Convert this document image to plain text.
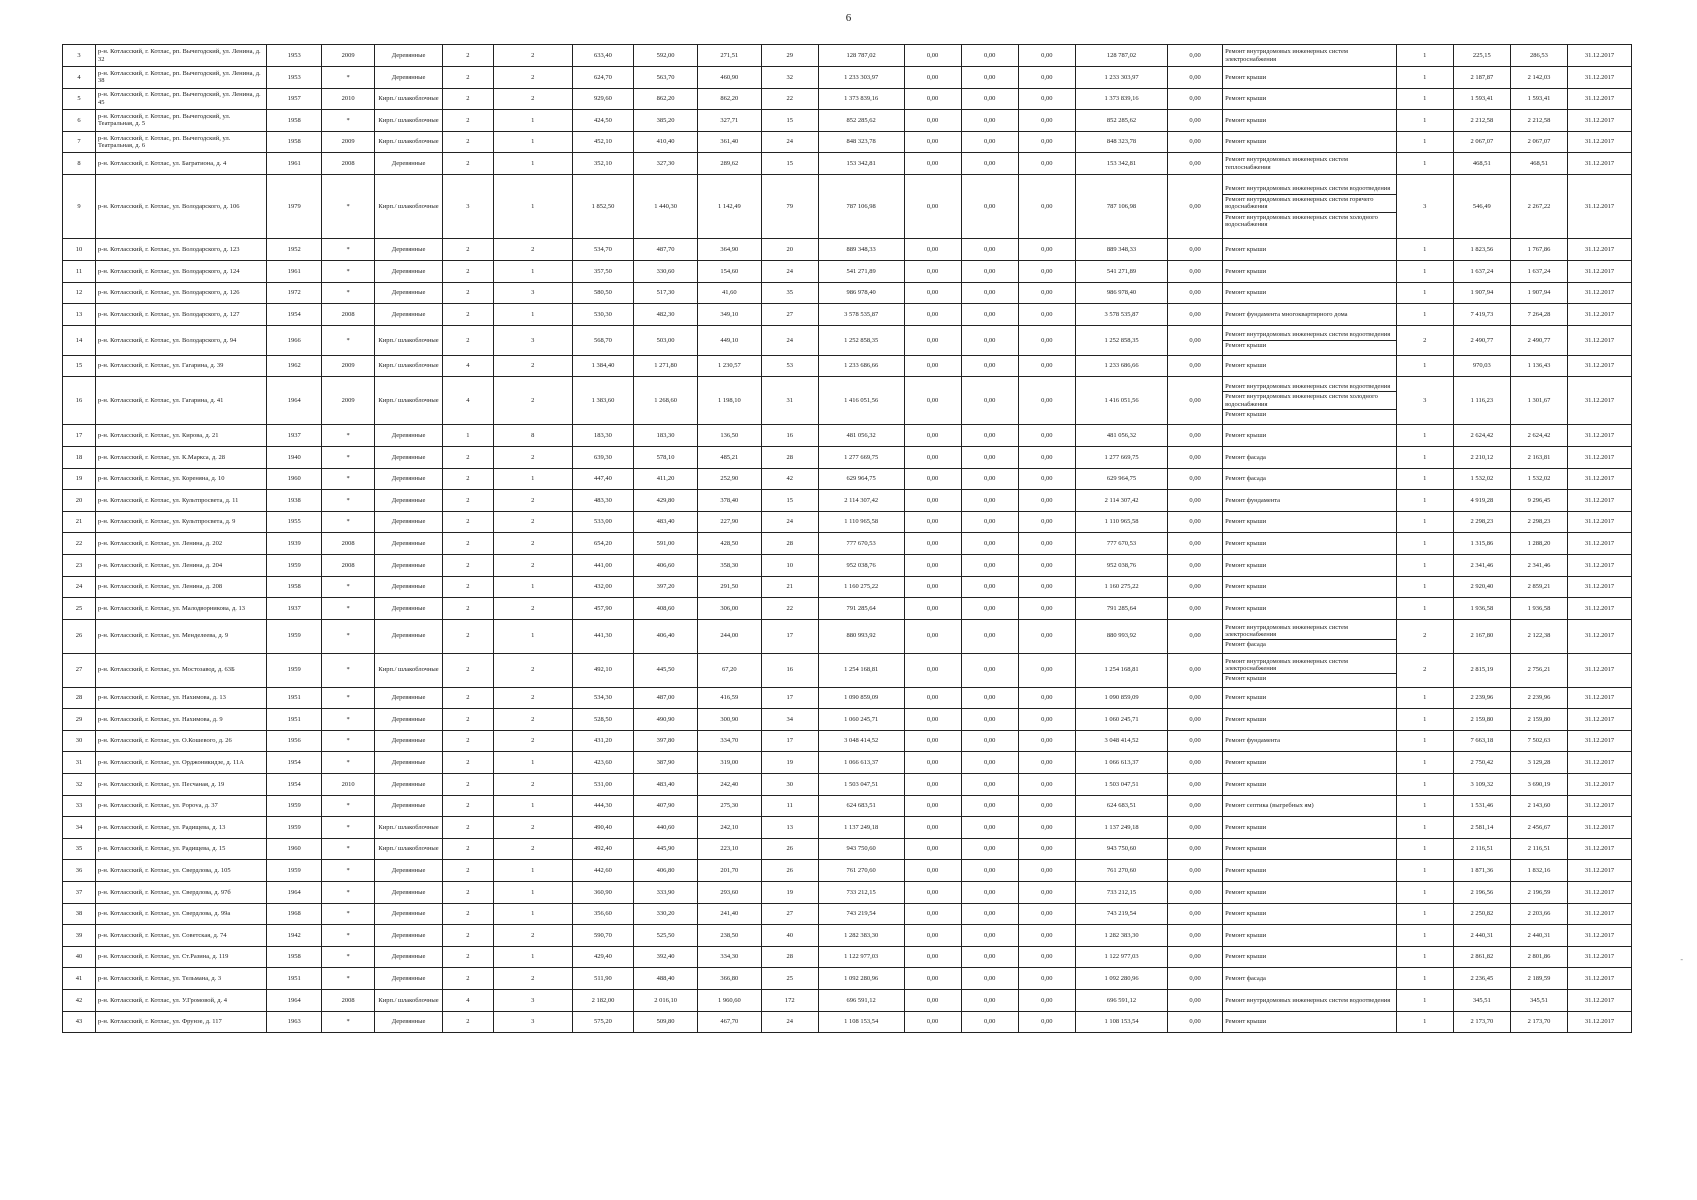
6
-
3	р-н. Котласский, г. Котлас, рп. Вычегодский, ул. Ленина, д. 32	1953	2009	Деревянные	2	2	633,40	592,00	271,51	29	128 787,02	0,00	0,00	0,00	128 787,02	0,00	Ремонт внутридомовых инженерных систем электроснабжения	1	225,15	286,53	31.12.2017
4	р-н. Котласский, г. Котлас, рп. Вычегодский, ул. Ленина, д. 38	1953	*	Деревянные	2	2	624,70	563,70	460,90	32	1 233 303,97	0,00	0,00	0,00	1 233 303,97	0,00	Ремонт крыши	1	2 187,87	2 142,03	31.12.2017
5	р-н. Котласский, г. Котлас, рп. Вычегодский, ул. Ленина, д. 45	1957	2010	Кирп./ шлакоблочные	2	2	929,60	862,20	862,20	22	1 373 839,16	0,00	0,00	0,00	1 373 839,16	0,00	Ремонт крыши	1	1 593,41	1 593,41	31.12.2017
6	р-н. Котласский, г. Котлас, рп. Вычегодский, ул. Театральная, д. 5	1958	*	Кирп./ шлакоблочные	2	1	424,50	385,20	327,71	15	852 285,62	0,00	0,00	0,00	852 285,62	0,00	Ремонт крыши	1	2 212,58	2 212,58	31.12.2017
7	р-н. Котласский, г. Котлас, рп. Вычегодский, ул. Театральная, д. 6	1958	2009	Кирп./ шлакоблочные	2	1	452,10	410,40	361,40	24	848 323,78	0,00	0,00	0,00	848 323,78	0,00	Ремонт крыши	1	2 067,07	2 067,07	31.12.2017
8	р-н. Котласский, г. Котлас, ул. Багратиона, д. 4	1961	2008	Деревянные	2	1	352,10	327,30	289,62	15	153 342,81	0,00	0,00	0,00	153 342,81	0,00	Ремонт внутридомовых инженерных систем теплоснабжения	1	468,51	468,51	31.12.2017
9	р-н. Котласский, г. Котлас, ул. Володарского, д. 106	1979	*	Кирп./ шлакоблочные	3	1	1 852,50	1 440,30	1 142,49	79	787 106,98	0,00	0,00	0,00	787 106,98	0,00	Ремонт внутридомовых инженерных систем водоотведения
Ремонт внутридомовых инженерных систем горячего водоснабжения
Ремонт внутридомовых инженерных систем холодного водоснабжения	3	546,49	2 267,22	31.12.2017
10	р-н. Котласский, г. Котлас, ул. Володарского, д. 123	1952	*	Деревянные	2	2	534,70	487,70	364,90	20	889 348,33	0,00	0,00	0,00	889 348,33	0,00	Ремонт крыши	1	1 823,56	1 767,86	31.12.2017
11	р-н. Котласский, г. Котлас, ул. Володарского, д. 124	1961	*	Деревянные	2	1	357,50	330,60	154,60	24	541 271,89	0,00	0,00	0,00	541 271,89	0,00	Ремонт крыши	1	1 637,24	1 637,24	31.12.2017
12	р-н. Котласский, г. Котлас, ул. Володарского, д. 126	1972	*	Деревянные	2	3	580,50	517,30	41,60	35	986 978,40	0,00	0,00	0,00	986 978,40	0,00	Ремонт крыши	1	1 907,94	1 907,94	31.12.2017
13	р-н. Котласский, г. Котлас, ул. Володарского, д. 127	1954	2008	Деревянные	2	1	530,30	482,30	349,10	27	3 578 535,87	0,00	0,00	0,00	3 578 535,87	0,00	Ремонт фундамента многоквартирного дома	1	7 419,73	7 264,28	31.12.2017
14	р-н. Котласский, г. Котлас, ул. Володарского, д. 94	1966	*	Кирп./ шлакоблочные	2	3	568,70	503,00	449,10	24	1 252 858,35	0,00	0,00	0,00	1 252 858,35	0,00	Ремонт внутридомовых инженерных систем водоотведения
Ремонт крыши	2	2 490,77	2 490,77	31.12.2017
15	р-н. Котласский, г. Котлас, ул. Гагарина, д. 39	1962	2009	Кирп./ шлакоблочные	4	2	1 384,40	1 271,80	1 230,57	53	1 233 686,66	0,00	0,00	0,00	1 233 686,66	0,00	Ремонт крыши	1	970,03	1 136,43	31.12.2017
16	р-н. Котласский, г. Котлас, ул. Гагарина, д. 41	1964	2009	Кирп./ шлакоблочные	4	2	1 383,60	1 268,60	1 198,10	31	1 416 051,56	0,00	0,00	0,00	1 416 051,56	0,00	Ремонт внутридомовых инженерных систем водоотведения
Ремонт внутридомовых инженерных систем холодного водоснабжения
Ремонт крыши	3	1 116,23	1 301,67	31.12.2017
17	р-н. Котласский, г. Котлас, ул. Кирова, д. 21	1937	*	Деревянные	1	8	183,30	183,30	136,50	16	481 056,32	0,00	0,00	0,00	481 056,32	0,00	Ремонт крыши	1	2 624,42	2 624,42	31.12.2017
18	р-н. Котласский, г. Котлас, ул. К.Маркса, д. 28	1940	*	Деревянные	2	2	639,30	578,10	485,21	28	1 277 669,75	0,00	0,00	0,00	1 277 669,75	0,00	Ремонт фасада	1	2 210,12	2 163,81	31.12.2017
19	р-н. Котласский, г. Котлас, ул. Кореняна, д. 10	1960	*	Деревянные	2	1	447,40	411,20	252,90	42	629 964,75	0,00	0,00	0,00	629 964,75	0,00	Ремонт фасада	1	1 532,02	1 532,02	31.12.2017
20	р-н. Котласский, г. Котлас, ул. Культпросвета, д. 11	1938	*	Деревянные	2	2	483,30	429,80	378,40	15	2 114 307,42	0,00	0,00	0,00	2 114 307,42	0,00	Ремонт фундамента	1	4 919,28	9 296,45	31.12.2017
21	р-н. Котласский, г. Котлас, ул. Культпросвета, д. 9	1955	*	Деревянные	2	2	533,00	483,40	227,90	24	1 110 965,58	0,00	0,00	0,00	1 110 965,58	0,00	Ремонт крыши	1	2 298,23	2 298,23	31.12.2017
22	р-н. Котласский, г. Котлас, ул. Ленина, д. 202	1939	2008	Деревянные	2	2	654,20	591,00	428,50	28	777 670,53	0,00	0,00	0,00	777 670,53	0,00	Ремонт крыши	1	1 315,86	1 288,20	31.12.2017
23	р-н. Котласский, г. Котлас, ул. Ленина, д. 204	1959	2008	Деревянные	2	2	441,00	406,60	358,30	10	952 038,76	0,00	0,00	0,00	952 038,76	0,00	Ремонт крыши	1	2 341,46	2 341,46	31.12.2017
24	р-н. Котласский, г. Котлас, ул. Ленина, д. 208	1958	*	Деревянные	2	1	432,00	397,20	291,50	21	1 160 275,22	0,00	0,00	0,00	1 160 275,22	0,00	Ремонт крыши	1	2 920,40	2 859,21	31.12.2017
25	р-н. Котласский, г. Котлас, ул. Малодворникова, д. 13	1937	*	Деревянные	2	2	457,90	408,60	306,00	22	791 285,64	0,00	0,00	0,00	791 285,64	0,00	Ремонт крыши	1	1 936,58	1 936,58	31.12.2017
26	р-н. Котласский, г. Котлас, ул. Менделеева, д. 9	1959	*	Деревянные	2	1	441,30	406,40	244,00	17	880 993,92	0,00	0,00	0,00	880 993,92	0,00	Ремонт внутридомовых инженерных систем электроснабжения
Ремонт фасада	2	2 167,80	2 122,38	31.12.2017
27	р-н. Котласский, г. Котлас, ул. Мостозавод, д. 63Б	1959	*	Кирп./ шлакоблочные	2	2	492,10	445,50	67,20	16	1 254 168,81	0,00	0,00	0,00	1 254 168,81	0,00	Ремонт внутридомовых инженерных систем электроснабжения
Ремонт крыши	2	2 815,19	2 756,21	31.12.2017
28	р-н. Котласский, г. Котлас, ул. Нахимова, д. 13	1951	*	Деревянные	2	2	534,30	487,00	416,59	17	1 090 859,09	0,00	0,00	0,00	1 090 859,09	0,00	Ремонт крыши	1	2 239,96	2 239,96	31.12.2017
29	р-н. Котласский, г. Котлас, ул. Нахимова, д. 9	1951	*	Деревянные	2	2	528,50	490,90	300,90	34	1 060 245,71	0,00	0,00	0,00	1 060 245,71	0,00	Ремонт крыши	1	2 159,80	2 159,80	31.12.2017
30	р-н. Котласский, г. Котлас, ул. О.Кошевого, д. 26	1956	*	Деревянные	2	2	431,20	397,80	334,70	17	3 048 414,52	0,00	0,00	0,00	3 048 414,52	0,00	Ремонт фундамента	1	7 663,18	7 502,63	31.12.2017
31	р-н. Котласский, г. Котлас, ул. Орджоникидзе, д. 11А	1954	*	Деревянные	2	1	423,60	387,90	319,00	19	1 066 613,37	0,00	0,00	0,00	1 066 613,37	0,00	Ремонт крыши	1	2 750,42	3 129,28	31.12.2017
32	р-н. Котласский, г. Котлас, ул. Песчаная, д. 19	1954	2010	Деревянные	2	2	531,00	483,40	242,40	30	1 503 047,51	0,00	0,00	0,00	1 503 047,51	0,00	Ремонт крыши	1	3 109,32	3 690,19	31.12.2017
33	р-н. Котласский, г. Котлас, ул. Popova, д. 37	1959	*	Деревянные	2	1	444,30	407,90	275,30	11	624 683,51	0,00	0,00	0,00	624 683,51	0,00	Ремонт септика (выгребных ям)	1	1 531,46	2 143,60	31.12.2017
34	р-н. Котласский, г. Котлас, ул. Радищева, д. 13	1959	*	Кирп./ шлакоблочные	2	2	490,40	440,60	242,10	13	1 137 249,18	0,00	0,00	0,00	1 137 249,18	0,00	Ремонт крыши	1	2 581,14	2 456,67	31.12.2017
35	р-н. Котласский, г. Котлас, ул. Радищева, д. 15	1960	*	Кирп./ шлакоблочные	2	2	492,40	445,90	223,10	26	943 750,60	0,00	0,00	0,00	943 750,60	0,00	Ремонт крыши	1	2 116,51	2 116,51	31.12.2017
36	р-н. Котласский, г. Котлас, ул. Свердлова, д. 105	1959	*	Деревянные	2	1	442,60	406,80	201,70	26	761 270,60	0,00	0,00	0,00	761 270,60	0,00	Ремонт крыши	1	1 871,36	1 832,16	31.12.2017
37	р-н. Котласский, г. Котлас, ул. Свердлова, д. 97б	1964	*	Деревянные	2	1	360,90	333,90	293,60	19	733 212,15	0,00	0,00	0,00	733 212,15	0,00	Ремонт крыши	1	2 196,56	2 196,59	31.12.2017
38	р-н. Котласский, г. Котлас, ул. Свердлова, д. 99а	1968	*	Деревянные	2	1	356,60	330,20	241,40	27	743 219,54	0,00	0,00	0,00	743 219,54	0,00	Ремонт крыши	1	2 250,82	2 203,66	31.12.2017
39	р-н. Котласский, г. Котлас, ул. Советская, д. 74	1942	*	Деревянные	2	2	590,70	525,50	238,50	40	1 282 383,30	0,00	0,00	0,00	1 282 383,30	0,00	Ремонт крыши	1	2 440,31	2 440,31	31.12.2017
40	р-н. Котласский, г. Котлас, ул. Ст.Разина, д. 119	1958	*	Деревянные	2	1	429,40	392,40	334,30	28	1 122 977,03	0,00	0,00	0,00	1 122 977,03	0,00	Ремонт крыши	1	2 861,82	2 801,86	31.12.2017
41	р-н. Котласский, г. Котлас, ул. Тельмана, д. 3	1951	*	Деревянные	2	2	511,90	488,40	366,80	25	1 092 280,96	0,00	0,00	0,00	1 092 280,96	0,00	Ремонт фасада	1	2 236,45	2 189,59	31.12.2017
42	р-н. Котласский, г. Котлас, ул. У.Громовой, д. 4	1964	2008	Кирп./ шлакоблочные	4	3	2 182,00	2 016,10	1 960,60	172	696 591,12	0,00	0,00	0,00	696 591,12	0,00	Ремонт внутридомовых инженерных систем водоотведения	1	345,51	345,51	31.12.2017
43	р-н. Котласский, г. Котлас, ул. Фрунзе, д. 117	1963	*	Деревянные	2	3	575,20	509,80	467,70	24	1 108 153,54	0,00	0,00	0,00	1 108 153,54	0,00	Ремонт крыши	1	2 173,70	2 173,70	31.12.2017
